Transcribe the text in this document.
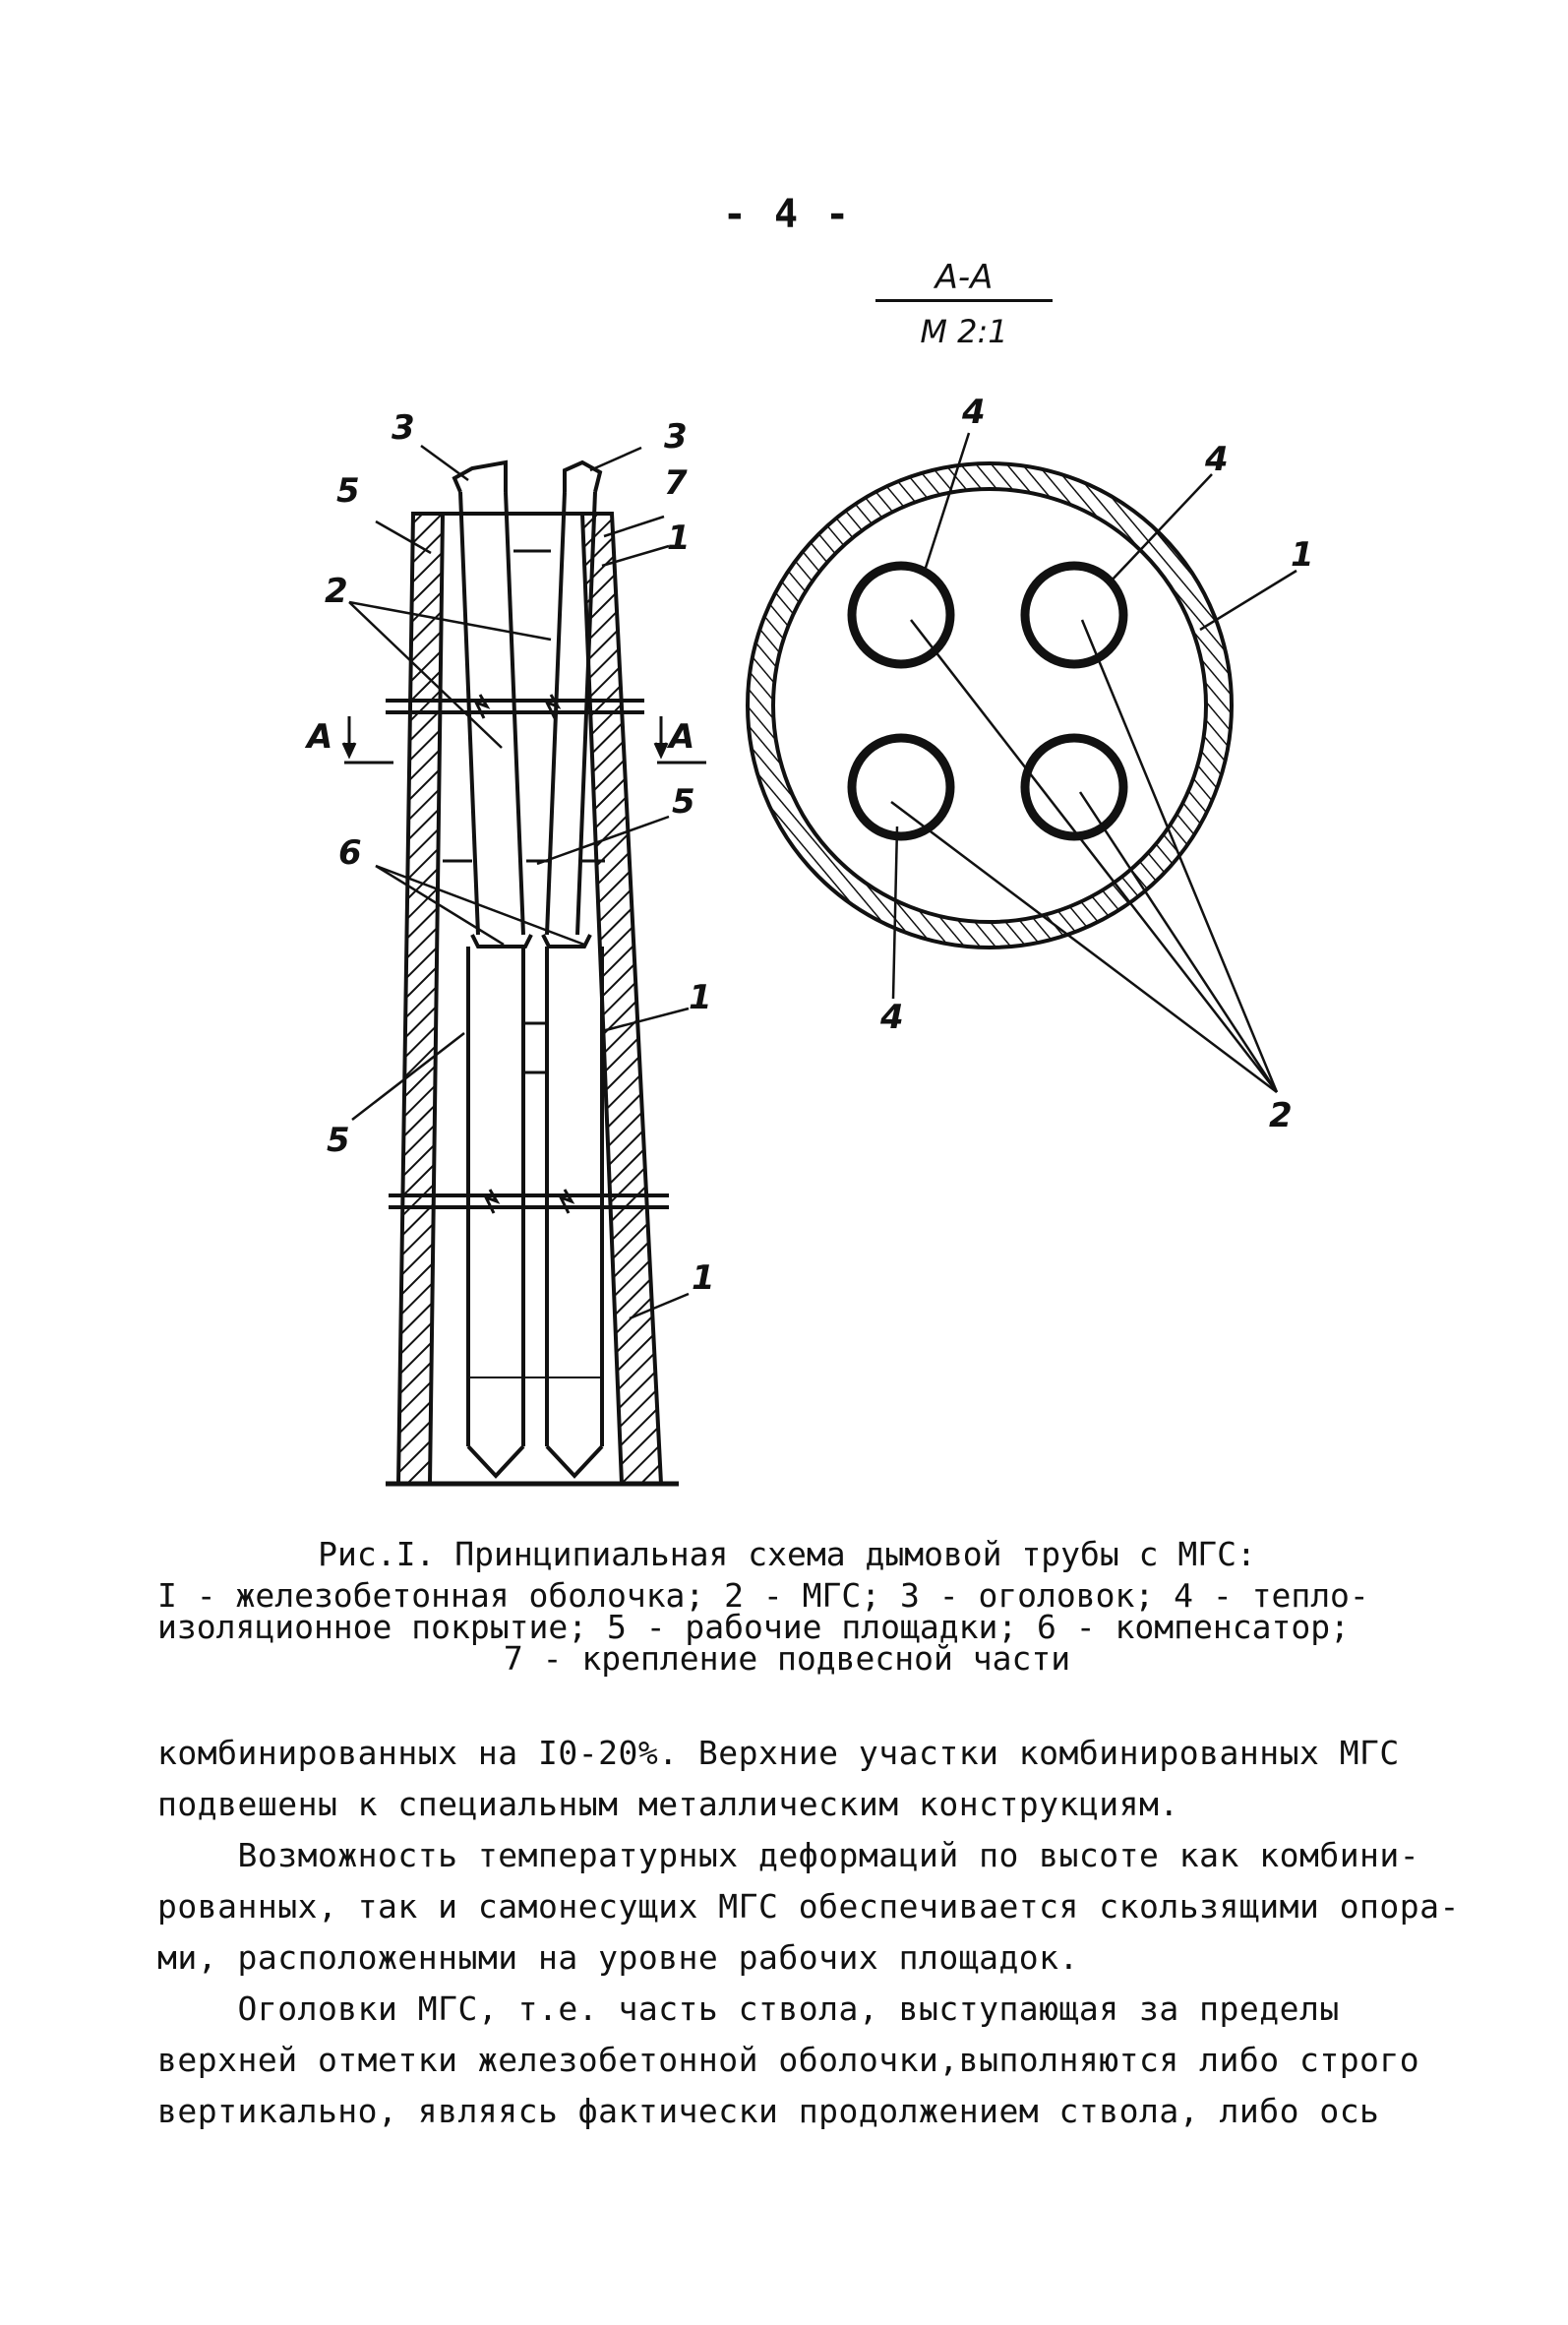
- 4 -
А-А
М 2:1
3	3
7
5
1
2
A	A
5
6
1
5
1
4
4
1
4
2
Рис.I. Принципиальная схема дымовой трубы с МГС:
I - железобетонная оболочка; 2 - МГС; 3 - оголовок; 4 - тепло-
изоляционное покрытие; 5 - рабочие площадки; 6 - компенсатор;
7 - крепление подвесной части
комбинированных на I0-20%. Верхние участки комбинированных МГС
подвешены к специальным металлическим конструкциям.
Возможность температурных деформаций по высоте как комбини-
рованных, так и самонесущих МГС обеспечивается скользящими опора-
ми, расположенными на уровне рабочих площадок.
Оголовки МГС, т.е. часть ствола, выступающая за пределы
верхней отметки железобетонной оболочки,выполняются либо строго
вертикально, являясь фактически продолжением ствола, либо ось
